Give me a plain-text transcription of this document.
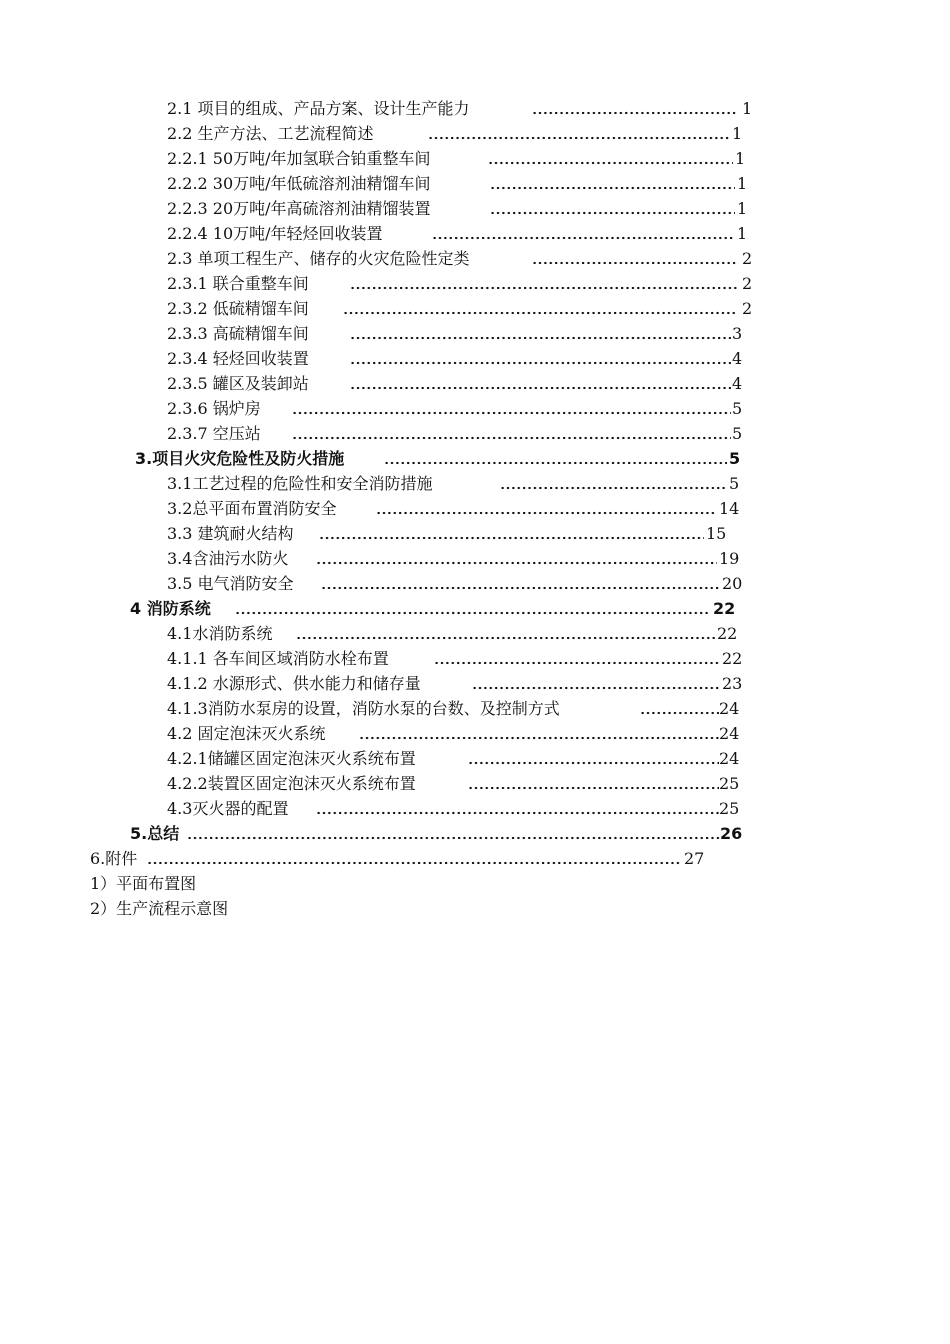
2.1 项目的组成、产品方案、设计生产能力	1
2.2 生产方法、工艺流程简述	1
2.2.1 50万吨/年加氢联合铂重整车间	1
2.2.2 30万吨/年低硫溶剂油精馏车间	1
2.2.3 20万吨/年高硫溶剂油精馏装置	1
2.2.4 10万吨/年轻烃回收装置	1
2.3 单项工程生产、储存的火灾危险性定类	2
2.3.1 联合重整车间	2
2.3.2 低硫精馏车间	2
2.3.3 高硫精馏车间	3
2.3.4 轻烃回收装置	4
2.3.5 罐区及装卸站	4
2.3.6 锅炉房	5
2.3.7 空压站	5
3.项目火灾危险性及防火措施	5
3.1工艺过程的危险性和安全消防措施	5
3.2总平面布置消防安全	14
3.3 建筑耐火结构	15
3.4含油污水防火	19
3.5 电气消防安全	20
4 消防系统	22
4.1水消防系统	22
4.1.1 各车间区域消防水栓布置	22
4.1.2 水源形式、供水能力和储存量	23
4.1.3消防水泵房的设置，消防水泵的台数、及控制方式	24
4.2 固定泡沫灭火系统	24
4.2.1储罐区固定泡沫灭火系统布置	24
4.2.2装置区固定泡沫灭火系统布置	25
4.3灭火器的配置	25
5.总结	26
6.附件	27
1）平面布置图
2）生产流程示意图
